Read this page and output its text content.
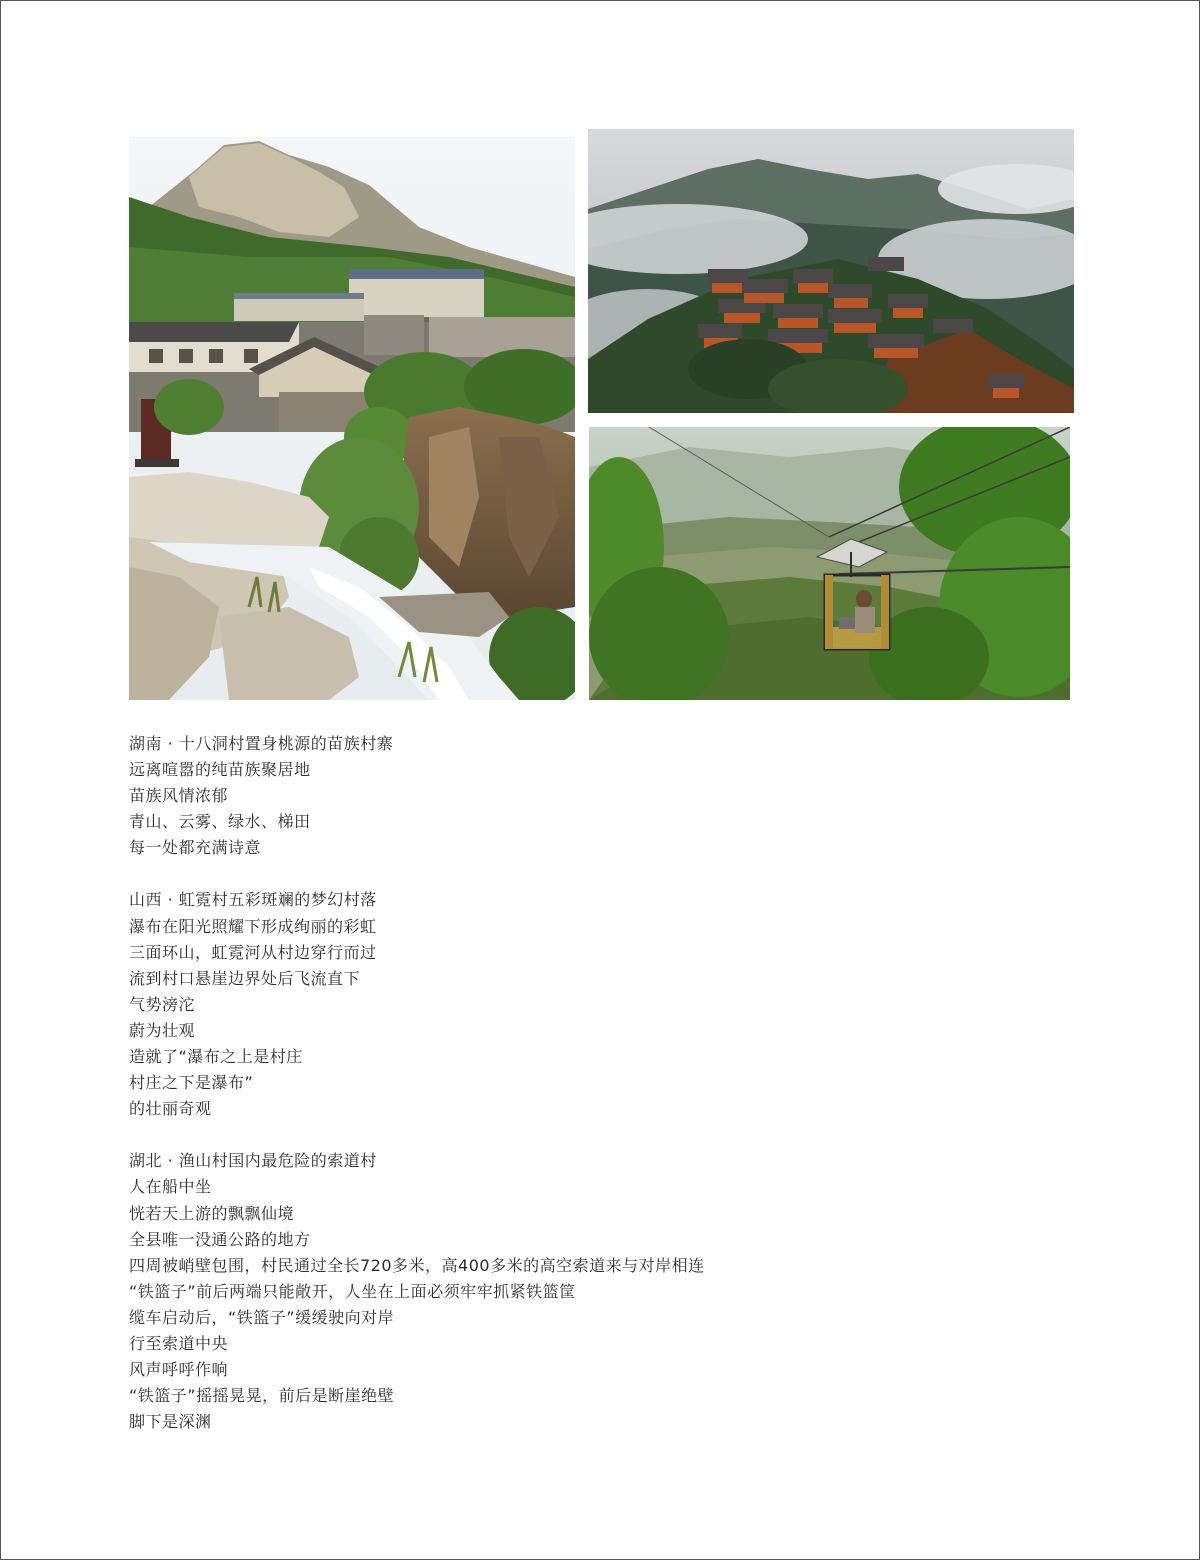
湖南 · 十八洞村置身桃源的苗族村寨
远离喧嚣的纯苗族聚居地
苗族风情浓郁
青山、云雾、绿水、梯田
每一处都充满诗意
山西 · 虹霓村五彩斑斓的梦幻村落
瀑布在阳光照耀下形成绚丽的彩虹
三面环山，虹霓河从村边穿行而过
流到村口悬崖边界处后飞流直下
气势滂沱
蔚为壮观
造就了“瀑布之上是村庄
村庄之下是瀑布”
的壮丽奇观
湖北 · 渔山村国内最危险的索道村
人在船中坐
恍若天上游的飘飘仙境
全县唯一没通公路的地方
四周被峭壁包围，村民通过全长720多米，高400多米的高空索道来与对岸相连
“铁篮子”前后两端只能敞开，人坐在上面必须牢牢抓紧铁篮筐
缆车启动后，“铁篮子”缓缓驶向对岸
行至索道中央
风声呼呼作响
“铁篮子”摇摇晃晃，前后是断崖绝壁
脚下是深渊
